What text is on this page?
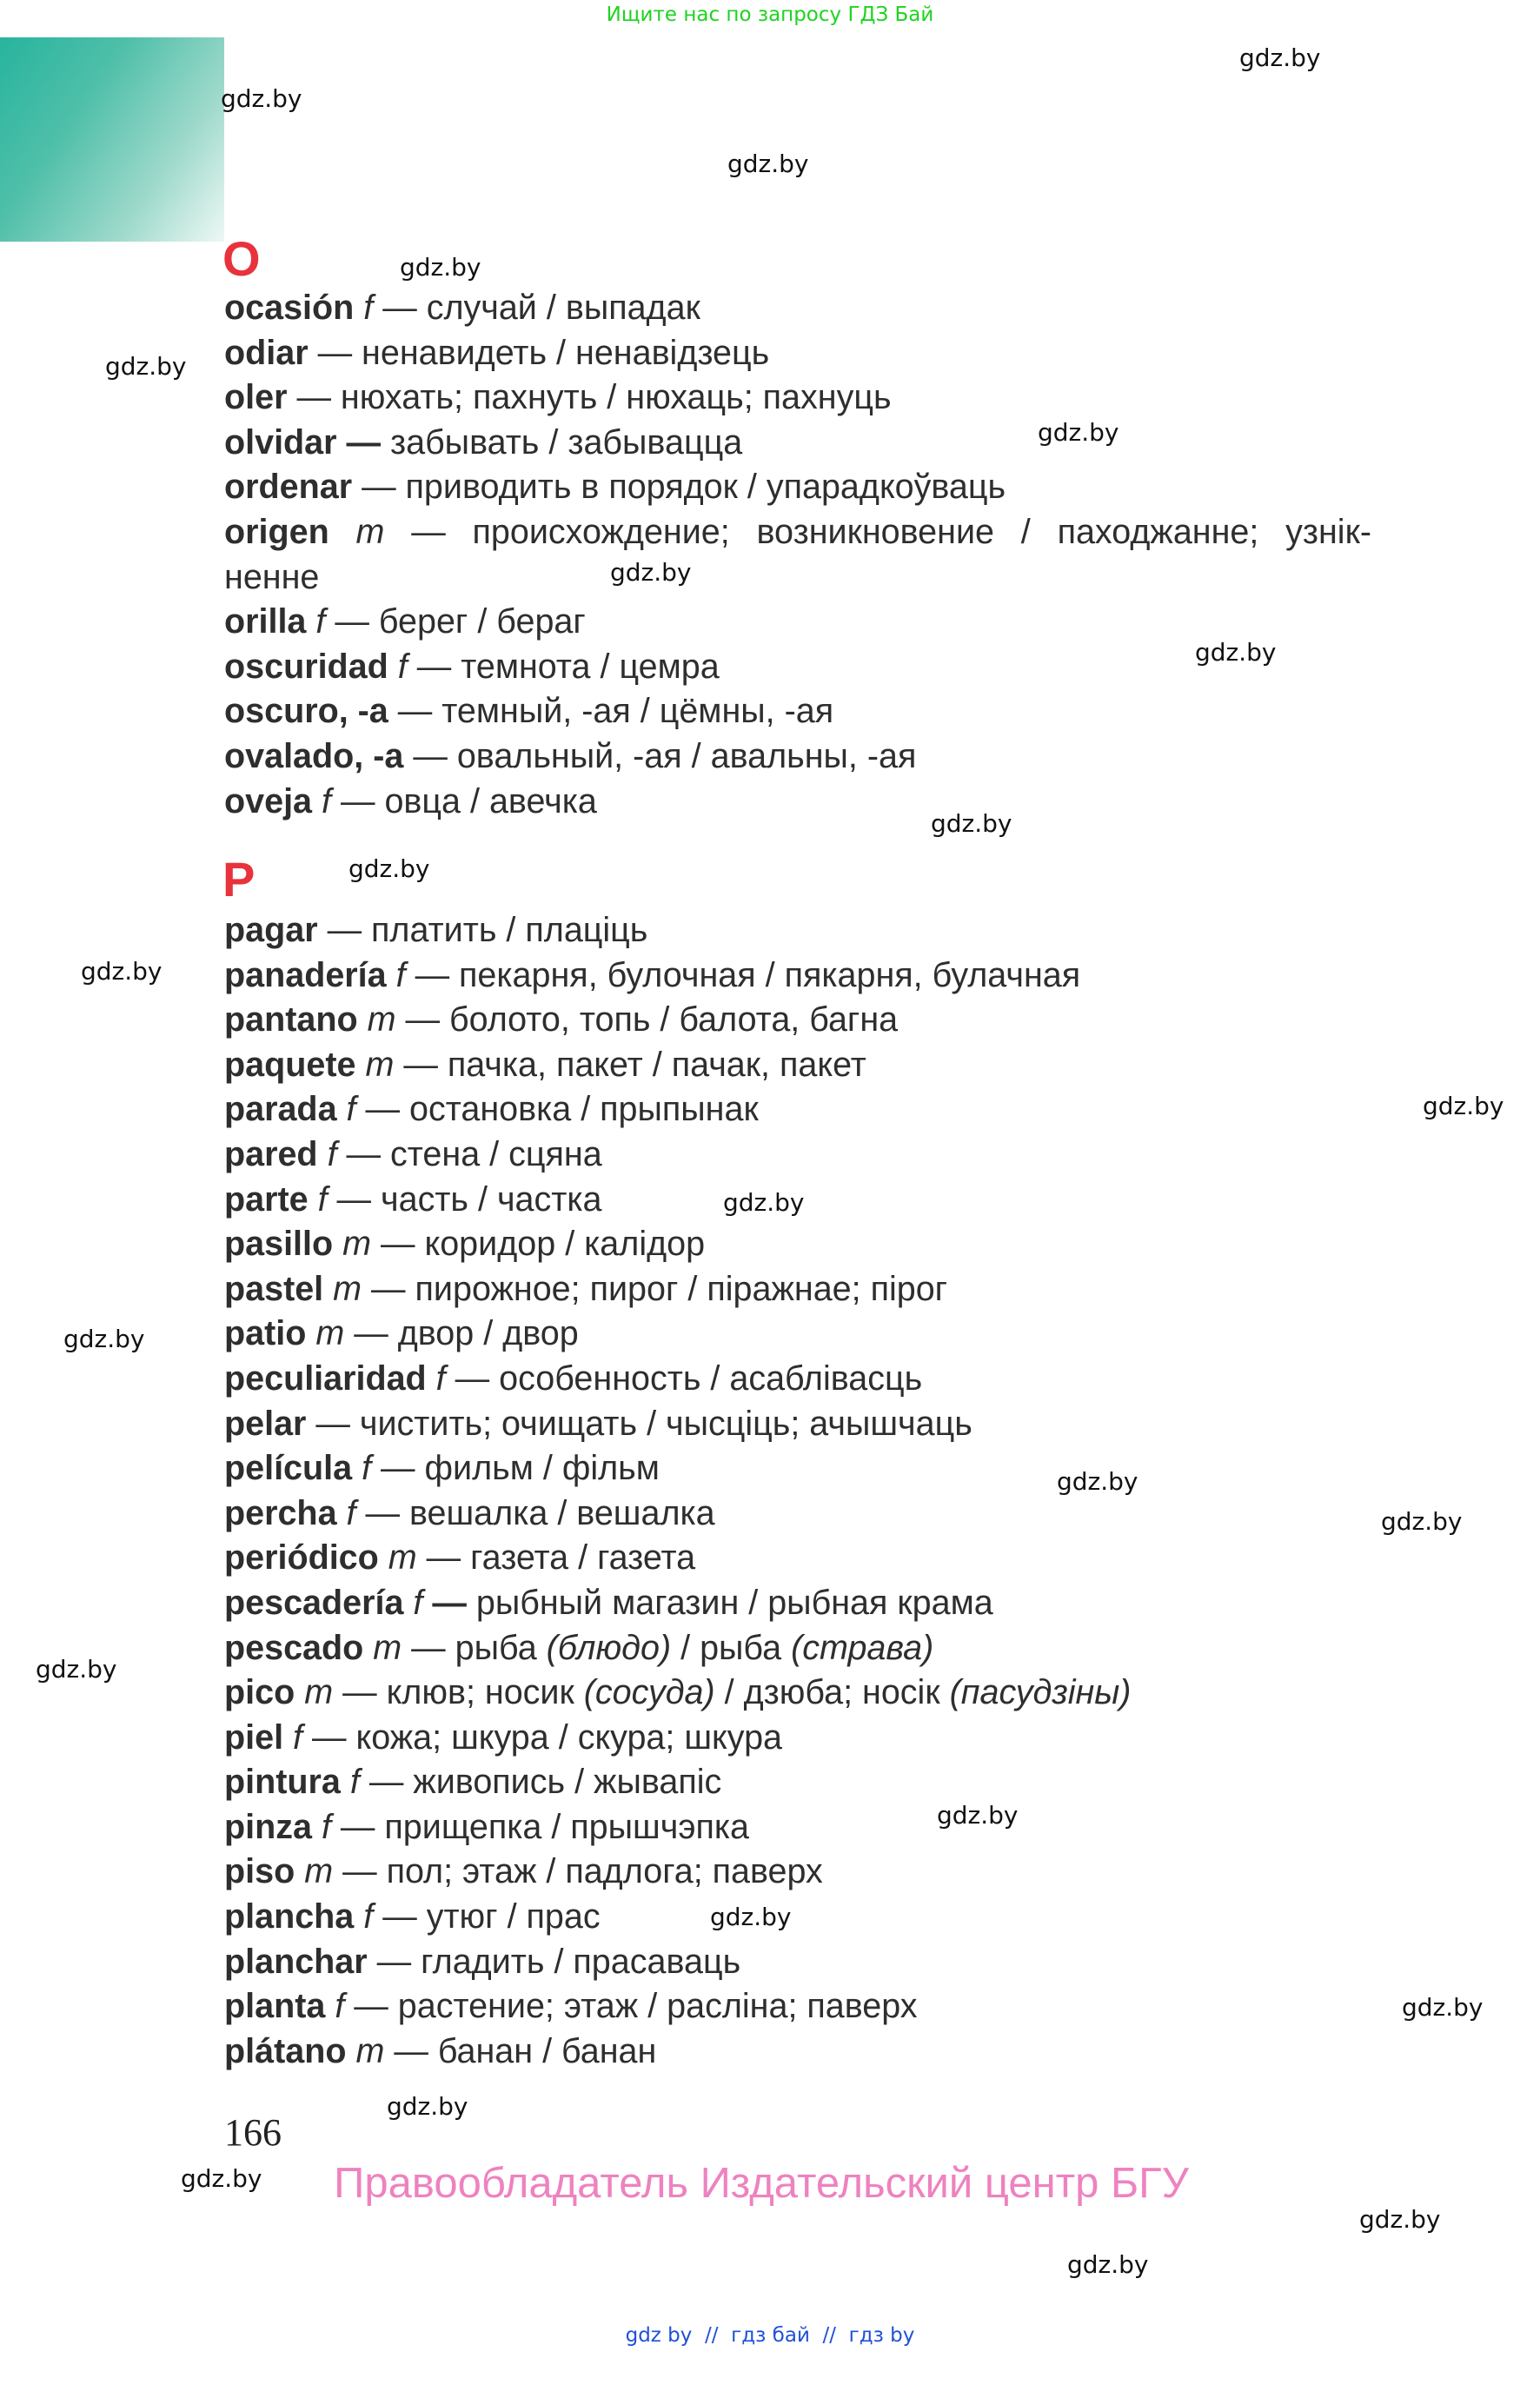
Ищите нас по запросу ГДЗ Бай
O
ocasión f — случай / выпадак
odiar — ненавидеть / ненавідзець
oler — нюхать; пахнуть / нюхаць; пахнуць
olvidar — забывать / забывацца
ordenar — приводить в порядок / упарадкоўваць
origen m — происхождение; возникновение / паходжанне; узнік-​ненне
orilla f — берег / бераг
oscuridad f — темнота / цемра
oscuro, -a — темный, -ая / цёмны, -ая
ovalado, -a — овальный, -ая / авальны, -ая
oveja f — овца / авечка
P
pagar — платить / плаціць
panadería f — пекарня, булочная / пякарня, булачная
pantano m — болото, топь / балота, багна
paquete m — пачка, пакет / пачак, пакет
parada f — остановка / прыпынак
pared f — стена / сцяна
parte f — часть / частка
pasillo m — коридор / калідор
pastel m — пирожное; пирог / піражнае; пірог
patio m — двор / двор
peculiaridad f — особенность / асаблівасць
pelar — чистить; очищать / чысціць; ачышчаць
película f — фильм / фільм
percha f — вешалка / вешалка
periódico m — газета / газета
pescadería f — рыбный магазин / рыбная крама
pescado m — рыба (блюдо) / рыба (страва)
pico m — клюв; носик (сосуда) / дзюба; носік (пасудзіны)
piel f — кожа; шкура / скура; шкура
pintura f — живопись / жывапіс
pinza f — прищепка / прышчэпка
piso m — пол; этаж / падлога; паверх
plancha f — утюг / прас
planchar — гладить / прасаваць
planta f — растение; этаж / расліна; паверх
plátano m — банан / банан
166
Правообладатель Издательский центр БГУ
gdz by // гдз бай // гдз by
gdz.by
gdz.by
gdz.by
gdz.by
gdz.by
gdz.by
gdz.by
gdz.by
gdz.by
gdz.by
gdz.by
gdz.by
gdz.by
gdz.by
gdz.by
gdz.by
gdz.by
gdz.by
gdz.by
gdz.by
gdz.by
gdz.by
gdz.by
gdz.by
